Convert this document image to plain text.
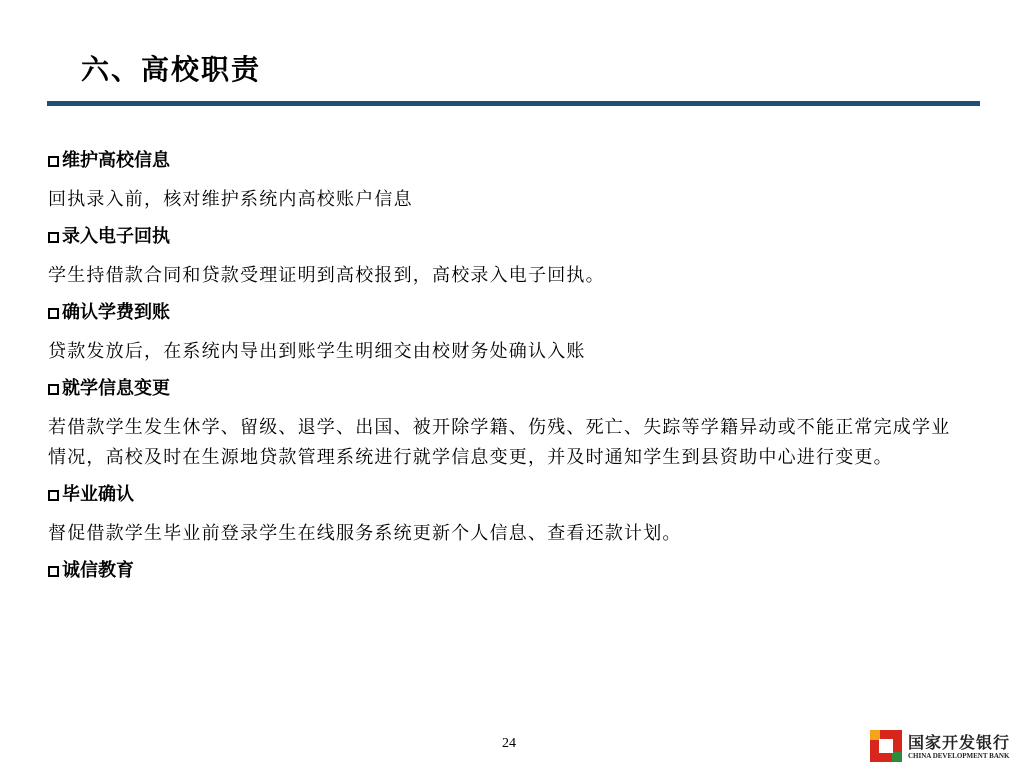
六、高校职责
维护高校信息
回执录入前，核对维护系统内高校账户信息
录入电子回执
学生持借款合同和贷款受理证明到高校报到，高校录入电子回执。
确认学费到账
贷款发放后，在系统内导出到账学生明细交由校财务处确认入账
就学信息变更
若借款学生发生休学、留级、退学、出国、被开除学籍、伤残、死亡、失踪等学籍异动或不能正常完成学业情况，高校及时在生源地贷款管理系统进行就学信息变更，并及时通知学生到县资助中心进行变更。
毕业确认
督促借款学生毕业前登录学生在线服务系统更新个人信息、查看还款计划。
诚信教育
24	国家开发银行
CHINA DEVELOPMENT BANK
